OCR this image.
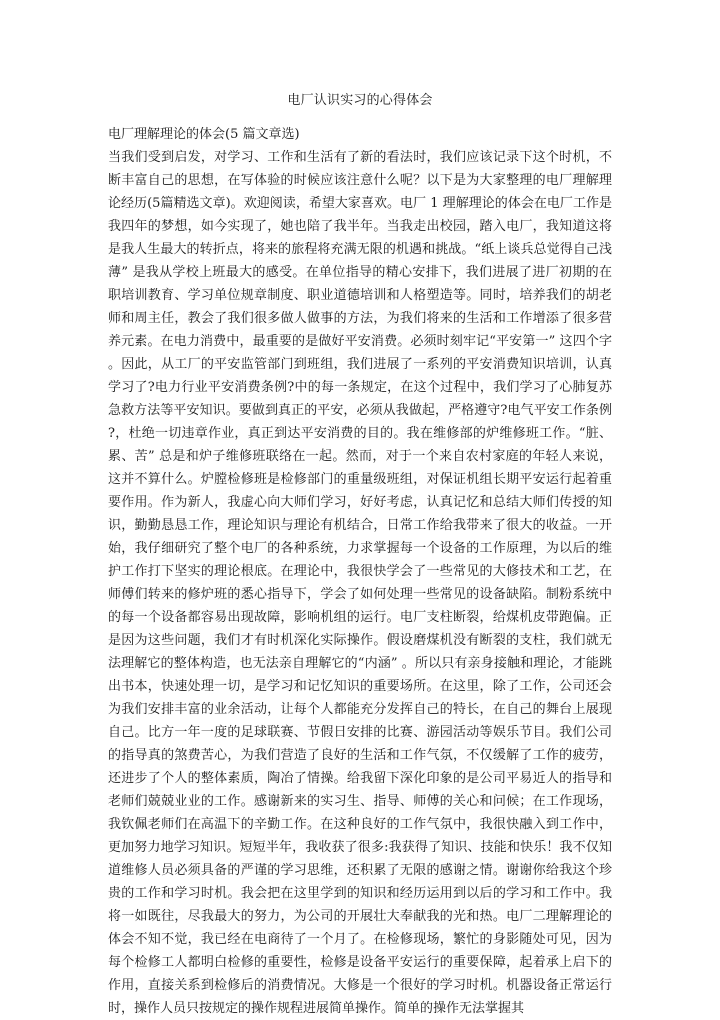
电厂认识实习的心得体会

电厂理解理论的体会(5 篇文章选)

当我们受到启发，对学习、工作和生活有了新的看法时，我们应该记录下这个时机，不断丰富自己的思想，在写体验的时候应该注意什么呢？以下是为大家整理的电厂理解理论经历(5篇精选文章)。欢迎阅读，希望大家喜欢。电厂 1 理解理论的体会在电厂工作是我四年的梦想，如今实现了，她也陪了我半年。当我走出校园，踏入电厂，我知道这将是我人生最大的转折点，将来的旅程将充满无限的机遇和挑战。“纸上谈兵总觉得自己浅薄” 是我从学校上班最大的感受。在单位指导的精心安排下，我们进展了进厂初期的在职培训教育、学习单位规章制度、职业道德培训和人格塑造等。同时，培养我们的胡老师和周主任，教会了我们很多做人做事的方法，为我们将来的生活和工作增添了很多营养元素。在电力消费中，最重要的是做好平安消费。必须时刻牢记“平安第一” 这四个字。因此，从工厂的平安监管部门到班组，我们进展了一系列的平安消费知识培训，认真学习了?电力行业平安消费条例?中的每一条规定，在这个过程中，我们学习了心肺复苏急救方法等平安知识。要做到真正的平安，必须从我做起，严格遵守?电气平安工作条例?，杜绝一切违章作业，真正到达平安消费的目的。我在维修部的炉维修班工作。“脏、累、苦” 总是和炉子维修班联络在一起。然而，对于一个来自农村家庭的年轻人来说，这并不算什么。炉膛检修班是检修部门的重量级班组，对保证机组长期平安运行起着重要作用。作为新人，我虚心向大师们学习，好好考虑，认真记忆和总结大师们传授的知识，勤勤恳恳工作，理论知识与理论有机结合，日常工作给我带来了很大的收益。一开始，我仔细研究了整个电厂的各种系统，力求掌握每一个设备的工作原理，为以后的维护工作打下坚实的理论根底。在理论中，我很快学会了一些常见的大修技术和工艺，在师傅们转来的修炉班的悉心指导下，学会了如何处理一些常见的设备缺陷。制粉系统中的每一个设备都容易出现故障，影响机组的运行。电厂支柱断裂，给煤机皮带跑偏。正是因为这些问题，我们才有时机深化实际操作。假设磨煤机没有断裂的支柱，我们就无法理解它的整体构造，也无法亲自理解它的“内涵” 。所以只有亲身接触和理论，才能跳出书本，快速处理一切，是学习和记忆知识的重要场所。在这里，除了工作，公司还会为我们安排丰富的业余活动，让每个人都能充分发挥自己的特长，在自己的舞台上展现自己。比方一年一度的足球联赛、节假日安排的比赛、游园活动等娱乐节目。我们公司的指导真的煞费苦心，为我们营造了良好的生活和工作气氛，不仅缓解了工作的疲劳，还进步了个人的整体素质，陶冶了情操。给我留下深化印象的是公司平易近人的指导和老师们兢兢业业的工作。感谢新来的实习生、指导、师傅的关心和问候；在工作现场，我钦佩老师们在高温下的辛勤工作。在这种良好的工作气氛中，我很快融入到工作中，更加努力地学习知识。短短半年，我收获了很多:我获得了知识、技能和快乐！我不仅知道维修人员必须具备的严谨的学习思维，还积累了无限的感谢之情。谢谢你给我这个珍贵的工作和学习时机。我会把在这里学到的知识和经历运用到以后的学习和工作中。我将一如既往，尽我最大的努力，为公司的开展壮大奉献我的光和热。电厂二理解理论的体会不知不觉，我已经在电商待了一个月了。在检修现场，繁忙的身影随处可见，因为每个检修工人都明白检修的重要性，检修是设备平安运行的重要保障，起着承上启下的作用，直接关系到检修后的消费情况。大修是一个很好的学习时机。机器设备正常运行时，操作人员只按规定的操作规程进展简单操作。简单的操作无法掌握其
